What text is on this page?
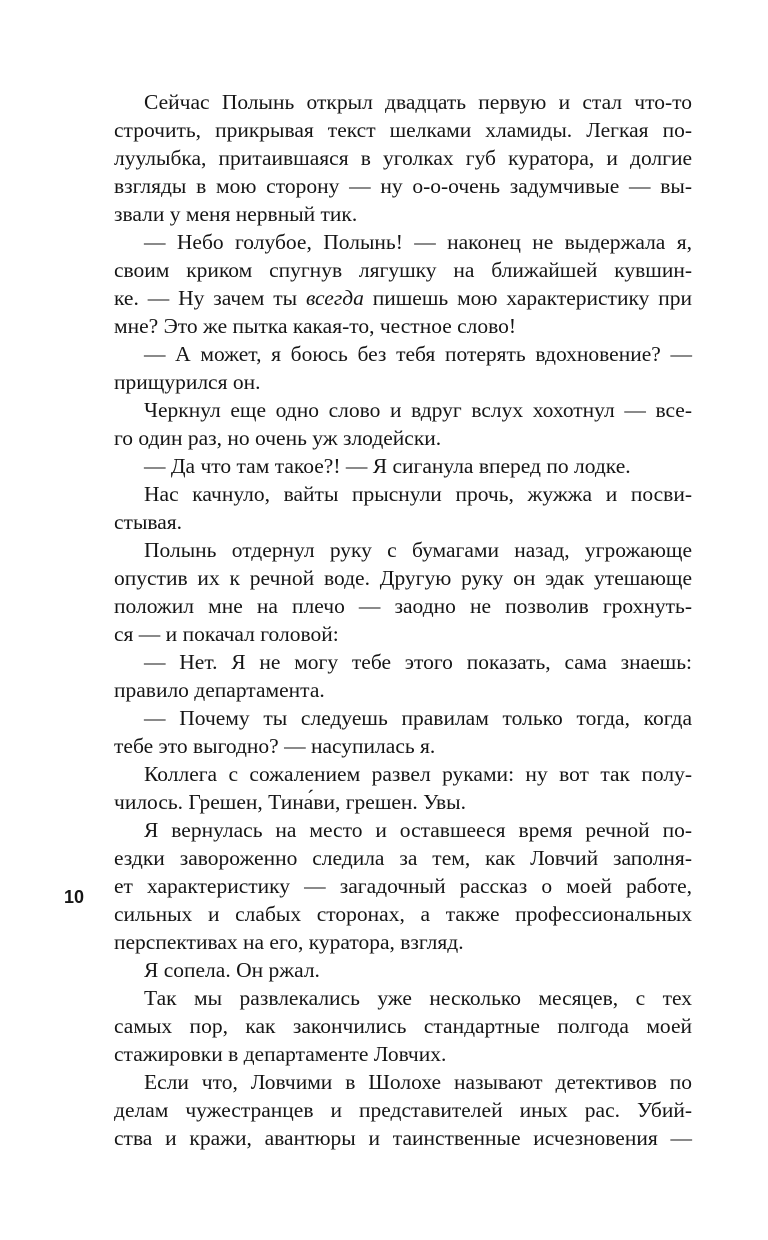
Сейчас Полынь открыл двадцать первую и стал что-то
строчить, прикрывая текст шелками хламиды. Легкая по-
луулыбка, притаившаяся в уголках губ куратора, и долгие
взгляды в мою сторону — ну о-о-очень задумчивые — вы-
звали у меня нервный тик.
— Небо голубое, Полынь! — наконец не выдержала я,
своим криком спугнув лягушку на ближайшей кувшин-
ке. — Ну зачем ты всегда пишешь мою характеристику при
мне? Это же пытка какая-то, честное слово!
— А может, я боюсь без тебя потерять вдохновение? —
прищурился он.
Черкнул еще одно слово и вдруг вслух хохотнул — все-
го один раз, но очень уж злодейски.
— Да что там такое?! — Я сиганула вперед по лодке.
Нас качнуло, вайты прыснули прочь, жужжа и посви-
стывая.
Полынь отдернул руку с бумагами назад, угрожающе
опустив их к речной воде. Другую руку он эдак утешающе
положил мне на плечо — заодно не позволив грохнуть-
ся — и покачал головой:
— Нет. Я не могу тебе этого показать, сама знаешь:
правило департамента.
— Почему ты следуешь правилам только тогда, когда
тебе это выгодно? — насупилась я.
Коллега с сожалением развел руками: ну вот так полу-
чилось. Грешен, Тина́ви, грешен. Увы.
Я вернулась на место и оставшееся время речной по-
ездки завороженно следила за тем, как Ловчий заполня-
ет характеристику — загадочный рассказ о моей работе,
сильных и слабых сторонах, а также профессиональных
перспективах на его, куратора, взгляд.
Я сопела. Он ржал.
Так мы развлекались уже несколько месяцев, с тех
самых пор, как закончились стандартные полгода моей
стажировки в департаменте Ловчих.
Если что, Ловчими в Шолохе называют детективов по
делам чужестранцев и представителей иных рас. Убий-
ства и кражи, авантюры и таинственные исчезновения —
10
